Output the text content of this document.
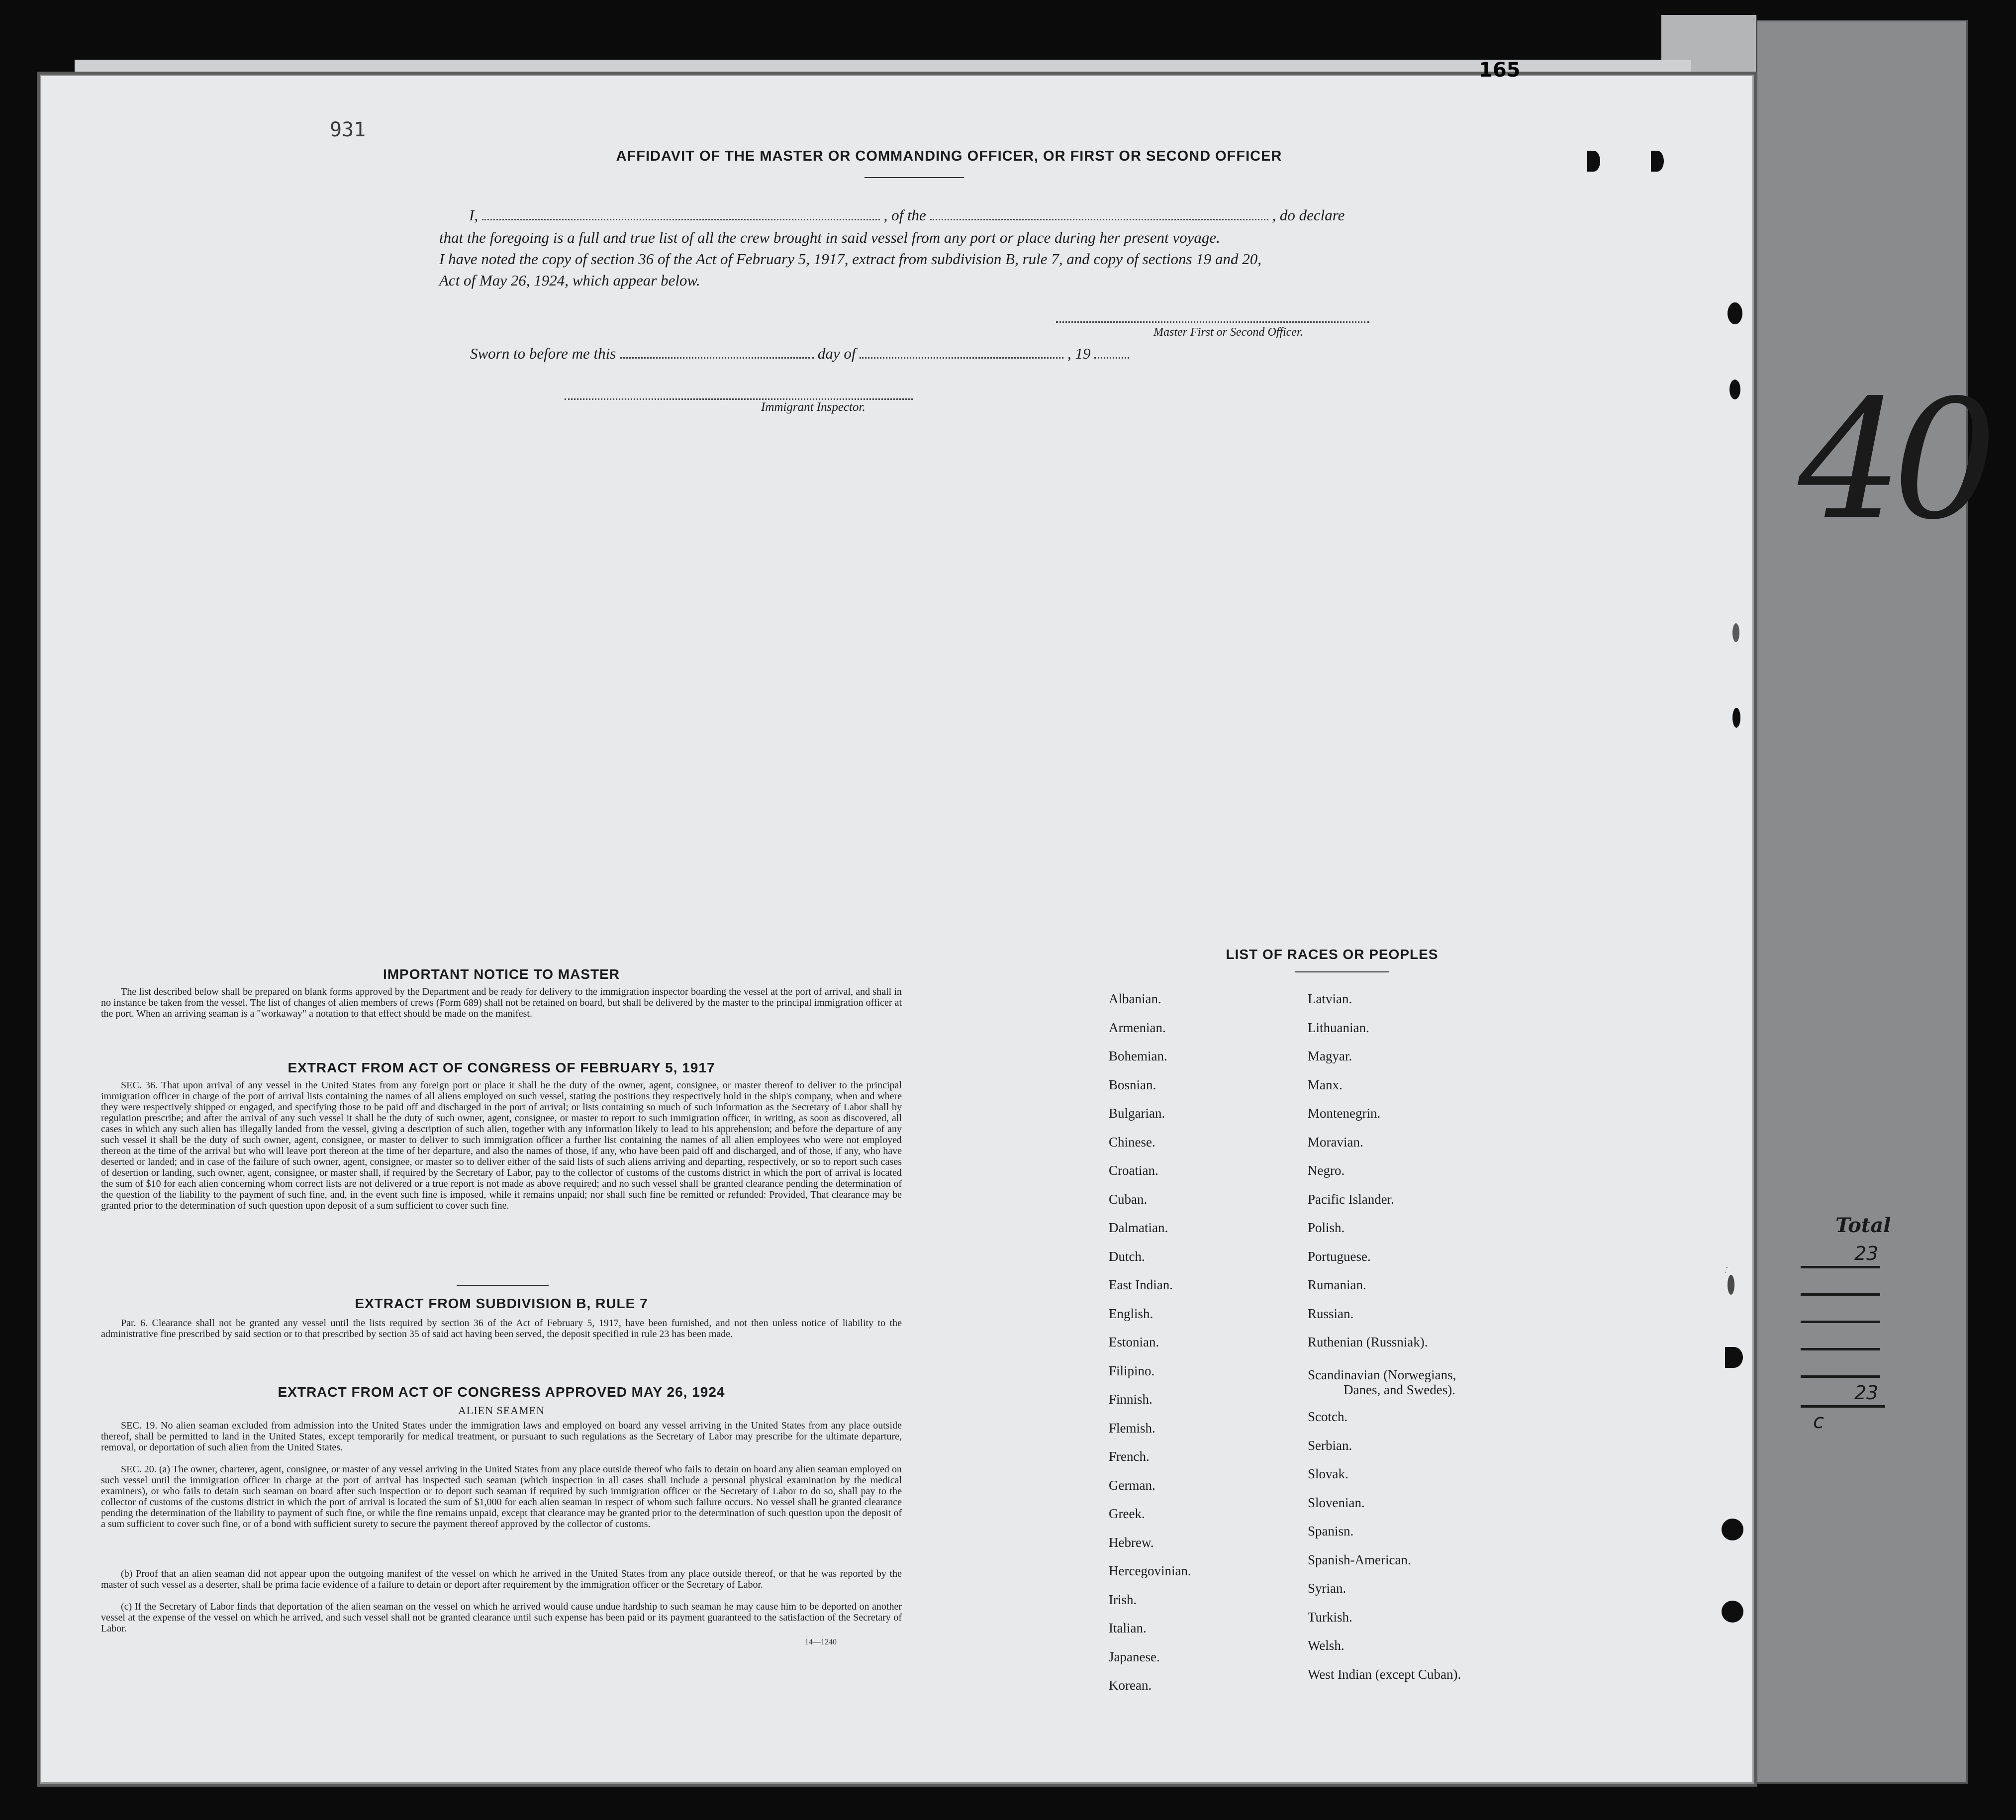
40
Total
23
23
c
165
931
AFFIDAVIT OF THE MASTER OR COMMANDING OFFICER, OR FIRST OR SECOND OFFICER
I,	, of the	, do declare
that the foregoing is a full and true list of all the crew brought in said vessel from any port or place during her present voyage.
I have noted the copy of section 36 of the Act of February 5, 1917, extract from subdivision B, rule 7, and copy of sections 19 and 20,
Act of May 26, 1924, which appear below.
Master First or Second Officer.
Sworn to before me this	day of	, 19
Immigrant Inspector.
IMPORTANT NOTICE TO MASTER
The list described below shall be prepared on blank forms approved by the Department and be ready for delivery to the immigration inspector boarding the vessel at the port of arrival, and shall in no instance be taken from the vessel. The list of changes of alien members of crews (Form 689) shall not be retained on board, but shall be delivered by the master to the principal immigration officer at the port. When an arriving seaman is a "workaway" a notation to that effect should be made on the manifest.
EXTRACT FROM ACT OF CONGRESS OF FEBRUARY 5, 1917
SEC. 36. That upon arrival of any vessel in the United States from any foreign port or place it shall be the duty of the owner, agent, consignee, or master thereof to deliver to the principal immigration officer in charge of the port of arrival lists containing the names of all aliens employed on such vessel, stating the positions they respectively hold in the ship's company, when and where they were respectively shipped or engaged, and specifying those to be paid off and discharged in the port of arrival; or lists containing so much of such information as the Secretary of Labor shall by regulation prescribe; and after the arrival of any such vessel it shall be the duty of such owner, agent, consignee, or master to report to such immigration officer, in writing, as soon as discovered, all cases in which any such alien has illegally landed from the vessel, giving a description of such alien, together with any information likely to lead to his apprehension; and before the departure of any such vessel it shall be the duty of such owner, agent, consignee, or master to deliver to such immigration officer a further list containing the names of all alien employees who were not employed thereon at the time of the arrival but who will leave port thereon at the time of her departure, and also the names of those, if any, who have been paid off and discharged, and of those, if any, who have deserted or landed; and in case of the failure of such owner, agent, consignee, or master so to deliver either of the said lists of such aliens arriving and departing, respectively, or so to report such cases of desertion or landing, such owner, agent, consignee, or master shall, if required by the Secretary of Labor, pay to the collector of customs of the customs district in which the port of arrival is located the sum of $10 for each alien concerning whom correct lists are not delivered or a true report is not made as above required; and no such vessel shall be granted clearance pending the determination of the question of the liability to the payment of such fine, and, in the event such fine is imposed, while it remains unpaid; nor shall such fine be remitted or refunded: Provided, That clearance may be granted prior to the determination of such question upon deposit of a sum sufficient to cover such fine.
EXTRACT FROM SUBDIVISION B, RULE 7
Par. 6. Clearance shall not be granted any vessel until the lists required by section 36 of the Act of February 5, 1917, have been furnished, and not then unless notice of liability to the administrative fine prescribed by said section or to that prescribed by section 35 of said act having been served, the deposit specified in rule 23 has been made.
EXTRACT FROM ACT OF CONGRESS APPROVED MAY 26, 1924
ALIEN SEAMEN
SEC. 19. No alien seaman excluded from admission into the United States under the immigration laws and employed on board any vessel arriving in the United States from any place outside thereof, shall be permitted to land in the United States, except temporarily for medical treatment, or pursuant to such regulations as the Secretary of Labor may prescribe for the ultimate departure, removal, or deportation of such alien from the United States.
SEC. 20. (a) The owner, charterer, agent, consignee, or master of any vessel arriving in the United States from any place outside thereof who fails to detain on board any alien seaman employed on such vessel until the immigration officer in charge at the port of arrival has inspected such seaman (which inspection in all cases shall include a personal physical examination by the medical examiners), or who fails to detain such seaman on board after such inspection or to deport such seaman if required by such immigration officer or the Secretary of Labor to do so, shall pay to the collector of customs of the customs district in which the port of arrival is located the sum of $1,000 for each alien seaman in respect of whom such failure occurs. No vessel shall be granted clearance pending the determination of the liability to payment of such fine, or while the fine remains unpaid, except that clearance may be granted prior to the determination of such question upon the deposit of a sum sufficient to cover such fine, or of a bond with sufficient surety to secure the payment thereof approved by the collector of customs.
(b) Proof that an alien seaman did not appear upon the outgoing manifest of the vessel on which he arrived in the United States from any place outside thereof, or that he was reported by the master of such vessel as a deserter, shall be prima facie evidence of a failure to detain or deport after requirement by the immigration officer or the Secretary of Labor.
(c) If the Secretary of Labor finds that deportation of the alien seaman on the vessel on which he arrived would cause undue hardship to such seaman he may cause him to be deported on another vessel at the expense of the vessel on which he arrived, and such vessel shall not be granted clearance until such expense has been paid or its payment guaranteed to the satisfaction of the Secretary of Labor.
14—1240
LIST OF RACES OR PEOPLES
Albanian.
Armenian.
Bohemian.
Bosnian.
Bulgarian.
Chinese.
Croatian.
Cuban.
Dalmatian.
Dutch.
East Indian.
English.
Estonian.
Filipino.
Finnish.
Flemish.
French.
German.
Greek.
Hebrew.
Hercegovinian.
Irish.
Italian.
Japanese.
Korean.
Latvian.
Lithuanian.
Magyar.
Manx.
Montenegrin.
Moravian.
Negro.
Pacific Islander.
Polish.
Portuguese.
Rumanian.
Russian.
Ruthenian (Russniak).
Scandinavian (Norwegians,
Danes, and Swedes).
Scotch.
Serbian.
Slovak.
Slovenian.
Spanisn.
Spanish-American.
Syrian.
Turkish.
Welsh.
West Indian (except Cuban).
